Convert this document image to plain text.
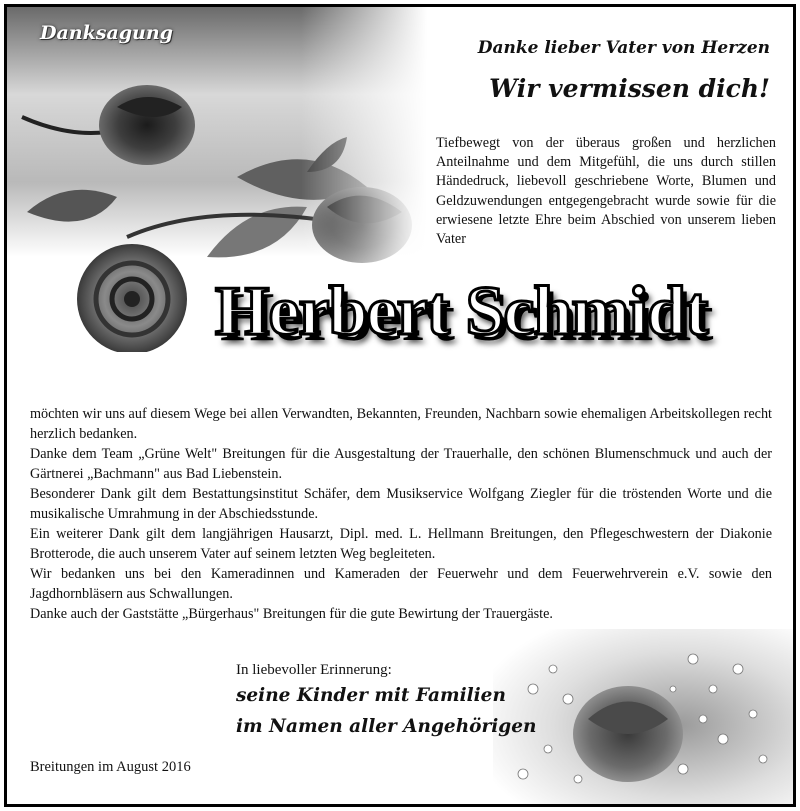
Danksagung
Danke lieber Vater von Herzen
Wir vermissen dich!
Tiefbewegt von der überaus großen und herzlichen Anteilnahme und dem Mitgefühl, die uns durch stillen Händedruck, liebevoll geschriebene Worte, Blumen und Geldzuwendungen entgegengebracht wurde sowie für die erwiesene letzte Ehre beim Abschied von unserem lieben Vater
Herbert Schmidt

möchten wir uns auf diesem Wege bei allen Verwandten, Bekannten, Freunden, Nachbarn sowie ehemaligen Arbeitskollegen recht herzlich bedanken.

Danke dem Team „Grüne Welt" Breitungen für die Ausgestaltung der Trauerhalle, den schönen Blumenschmuck und auch der Gärtnerei „Bachmann" aus Bad Liebenstein.

Besonderer Dank gilt dem Bestattungsinstitut Schäfer, dem Musikservice Wolfgang Ziegler für die tröstenden Worte und die musikalische Umrahmung in der Abschiedsstunde.

Ein weiterer Dank gilt dem langjährigen Hausarzt, Dipl. med. L. Hellmann Breitungen, den Pflegeschwestern der Diakonie Brotterode, die auch unserem Vater auf seinem letzten Weg begleiteten.

Wir bedanken uns bei den Kameradinnen und Kameraden der Feuerwehr und dem Feuerwehrverein e.V. sowie den Jagdhornbläsern aus Schwallungen.

Danke auch der Gaststätte „Bürgerhaus" Breitungen für die gute Bewirtung der Trauergäste.

In liebevoller Erinnerung:
seine Kinder mit Familien
im Namen aller Angehörigen
Breitungen im August 2016
